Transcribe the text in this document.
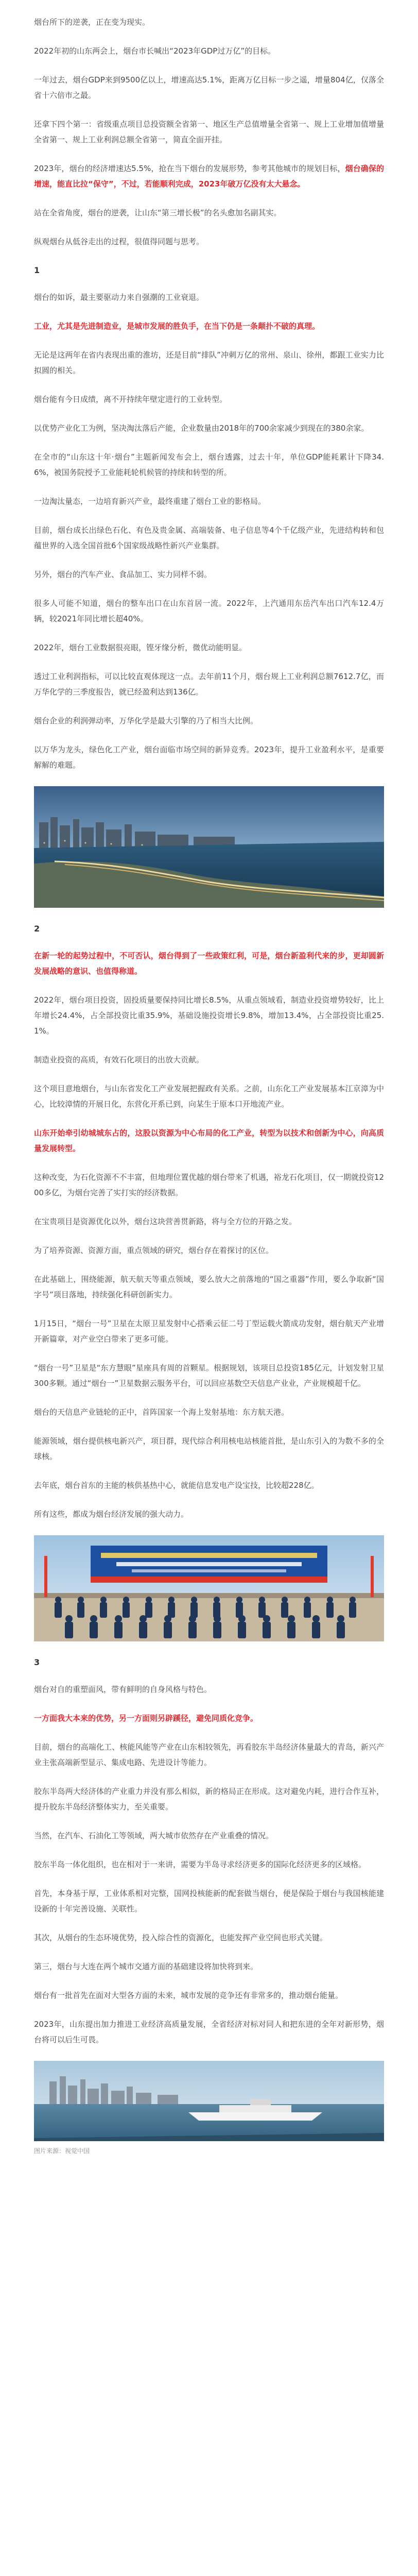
烟台所下的逆袭，正在变为现实。

2022年初的山东两会上，烟台市长喊出“2023年GDP过万亿”的目标。

一年过去，烟台GDP来到9500亿以上，增速高达5.1%，距离万亿目标一步之遥，增量804亿，仅落全省十六倍市之最。

还拿下四个第一：省级重点项目总投资额全省第一、地区生产总值增量全省第一、规上工业增加值增量全省第一、规上工业利润总额全省第一，简直全面开挂。

2023年，烟台的经济增速达5.5%，抢在当下烟台的发展形势，参考其他城市的规划目标，烟台确保的增速，能直比拉“保守”，不过，若能顺利完成，2023年破万亿没有太大悬念。

站在全省角度，烟台的逆袭，让山东“第三增长极”的名头愈加名副其实。

纵观烟台从低谷走出的过程，很值得同题与思考。

1

烟台的如诉，最主要驱动力来自强潮的工业衰退。

工业，尤其是先进制造业，是城市发展的胜负手，在当下仍是一条颠扑不破的真理。

无论是这两年在省内表现出重的淮坊，还是目前“排队”冲刺万亿的常州、泉山、徐州，都跟工业实力比拟圆的相关。

烟台能有今日成绩，离不开持续年壁定进行的工业转型。

以优势产业化工为例，坚决淘汰落后产能，企业数量由2018年的700余家减少到现在的380余家。

在全市的“山东这十年·烟台”主题新闻发布会上，烟台透露，过去十年，单位GDP能耗累计下降34.6%，被国务院授予工业能耗轮机候管的持续和转型的所。

一边淘汰量态，一边培育新兴产业，最终重建了烟台工业的影格局。

目前，烟台成长出绿色石化、有色及贵金属、高端装备、电子信息等4个千亿级产业，先进结构转和包蕴世界的入选全国首批6个国家级战略性新兴产业集群。

另外，烟台的汽车产业、食品加工、实力同样不弱。

很多人可能不知道，烟台的整车出口在山东首居一流。2022年，上汽通用东岳汽车出口汽车12.4万辆，较2021年同比增长超40%。

2022年，烟台工业数据很亮眼，铿牙缘分析，微优动能明显。

透过工业利润指标，可以比较直观体现这一点。去年前11个月，烟台规上工业利润总额7612.7亿，而万华化学的三季度报告，就已经盈利达到136亿。

烟台企业的利润弹动率，万华化学是最大引擎的乃了相当大比例。

以万华为龙头，绿色化工产业，烟台面临市场空间的新异竞秀。2023年，提升工业盈利水平，是重要解解的难题。

2

在新一轮的起势过程中，不可否认，烟台得到了一些政策红利，可是，烟台新盈利代来的步，更却圆新发展战略的意识、也值得称道。

2022年，烟台项目投资，固投质量要保持同比增长8.5%，从重点领域看，制造业投资增势较好，比上年增长24.4%，占全部投资比重35.9%，基础设施投资增长9.8%，增加13.4%，占全部投资比重25.1%。

制造业投资的高质，有效石化项目的出放大贡献。

这个项目意地烟台，与山东省发化工产业发展把握政有关系。之前，山东化工产业发展基本江京漳为中心，比较漳情的开展日化，东营化开系已到，向某生于原本口开地流产业。

山东开始牵引幼城城东占的，这股以资源为中心布局的化工产业，转型为以技术和创新为中心，向高质量发展转型。

这种改变，为石化资源不不丰富，但地理位置优越的烟台带来了机遇，裕龙石化项目，仅一期就投资1200多亿，为烟台完善了实打实的经济数据。

在宝贵项目是资源优化以外，烟台这块营善贯新路，将与全方位的开路之发。

为了培养资源、资源方面，重点领域的研究，烟台存在着探讨的区位。

在此基础上，围绕能源，航天航天等重点领域，要么放大之前落地的“国之重器”作用，要么争取新“国字号”项目落地，持续强化科研创新实力。

1月15日，“烟台一号”卫星在太原卫星发射中心搭乘云征二号丁型运载火箭成功发射，烟台航天产业增开新篇章，对产业空白带来了更多可能。

“烟台一号”卫星是“东方慧眼”星座具有周的首颗星。根据规划，该项目总投资185亿元，计划发射卫星300多颗。通过“烟台一”卫星数据云服务平台，可以回应基数空天信息产业业，产业规模超千亿。

烟台的天信息产业链轮的正中，首阵国家一个海上发射基地：东方航天港。

能源领域，烟台提供核电新兴产，项目群，现代综合利用核电站核能首批，是山东引入的为数不多的全球核。

去年底，烟台首东的主能的核供基热中心，就能信息发电产设宝技，比较超228亿。

所有这些，都成为烟台经济发展的强大动力。

3

烟台对自的重塑面风，带有鲜明的自身风格与特色。

一方面我大本来的优势，另一方面则另辟蹊径，避免同质化竞争。

目前，烟台的高端化工、核能风能等产业在山东相较领先，再看胶东半岛经济体量最大的青岛，新兴产业主张高端新型显示、集成电路、先进设计等能力。

胶东半岛两大经济体的产业重力并没有那么相似，新的格局正在形成。这对避免内耗，进行合作互补，提升胶东半岛经济整体实力，至关重要。

当然，在汽车、石油化工等领域，两大城市依然存在产业重叠的情况。

胶东半岛一体化组织，也在相对于一来讲，需要为半岛寻求经济更多的国际化经济更多的区域格。

首先，本身基于厚，工业体系相对完整，国网投核能新的配套做当烟台，便是保险于烟台与我国核能建设新的十年完善设施、关联性。

其次，从烟台的生态环境优势，投入综合性的资源化，也能发挥产业空间也形式关键。

第三，烟台与大连在两个城市交通方面的基础建设将加快将到来。

烟台有一批首先在面对大型各方面的未来，城市发展的竞争还有非常多的，推动烟台能量。

2023年，山东提出加力推进工业经济高质量发展，全省经济对标对同人和把东进的全年对新形势，烟台将可以后生可畏。

图片来源：视觉中国
